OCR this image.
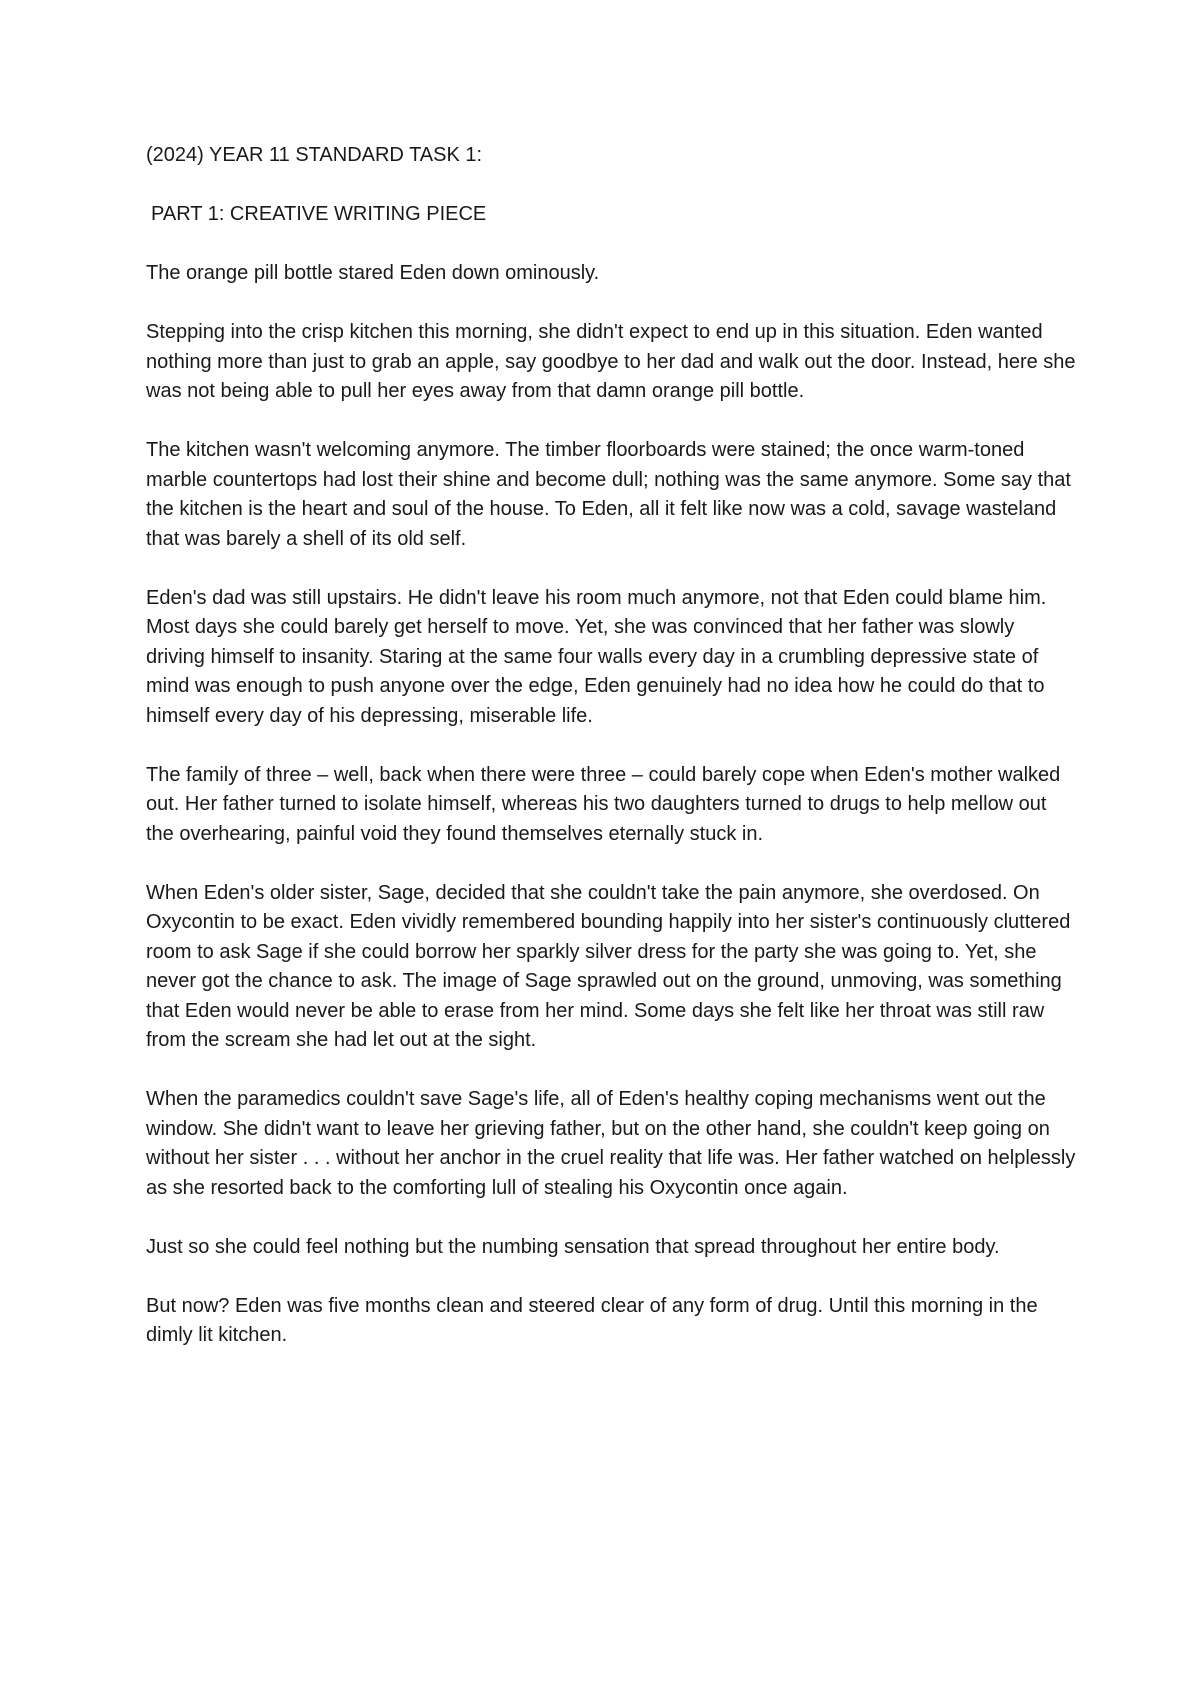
(2024) YEAR 11 STANDARD TASK 1:

PART 1: CREATIVE WRITING PIECE

The orange pill bottle stared Eden down ominously.

Stepping into the crisp kitchen this morning, she didn't expect to end up in this situation. Eden wanted nothing more than just to grab an apple, say goodbye to her dad and walk out the door. Instead, here she was not being able to pull her eyes away from that damn orange pill bottle.

The kitchen wasn't welcoming anymore. The timber floorboards were stained; the once warm-toned marble countertops had lost their shine and become dull; nothing was the same anymore. Some say that the kitchen is the heart and soul of the house. To Eden, all it felt like now was a cold, savage wasteland that was barely a shell of its old self.

Eden's dad was still upstairs. He didn't leave his room much anymore, not that Eden could blame him. Most days she could barely get herself to move. Yet, she was convinced that her father was slowly driving himself to insanity. Staring at the same four walls every day in a crumbling depressive state of mind was enough to push anyone over the edge, Eden genuinely had no idea how he could do that to himself every day of his depressing, miserable life.

The family of three – well, back when there were three – could barely cope when Eden's mother walked out. Her father turned to isolate himself, whereas his two daughters turned to drugs to help mellow out the overhearing, painful void they found themselves eternally stuck in.

When Eden's older sister, Sage, decided that she couldn't take the pain anymore, she overdosed. On Oxycontin to be exact. Eden vividly remembered bounding happily into her sister's continuously cluttered room to ask Sage if she could borrow her sparkly silver dress for the party she was going to. Yet, she never got the chance to ask. The image of Sage sprawled out on the ground, unmoving, was something that Eden would never be able to erase from her mind. Some days she felt like her throat was still raw from the scream she had let out at the sight.

When the paramedics couldn't save Sage's life, all of Eden's healthy coping mechanisms went out the window. She didn't want to leave her grieving father, but on the other hand, she couldn't keep going on without her sister . . . without her anchor in the cruel reality that life was. Her father watched on helplessly as she resorted back to the comforting lull of stealing his Oxycontin once again.

Just so she could feel nothing but the numbing sensation that spread throughout her entire body.

But now? Eden was five months clean and steered clear of any form of drug. Until this morning in the dimly lit kitchen.
